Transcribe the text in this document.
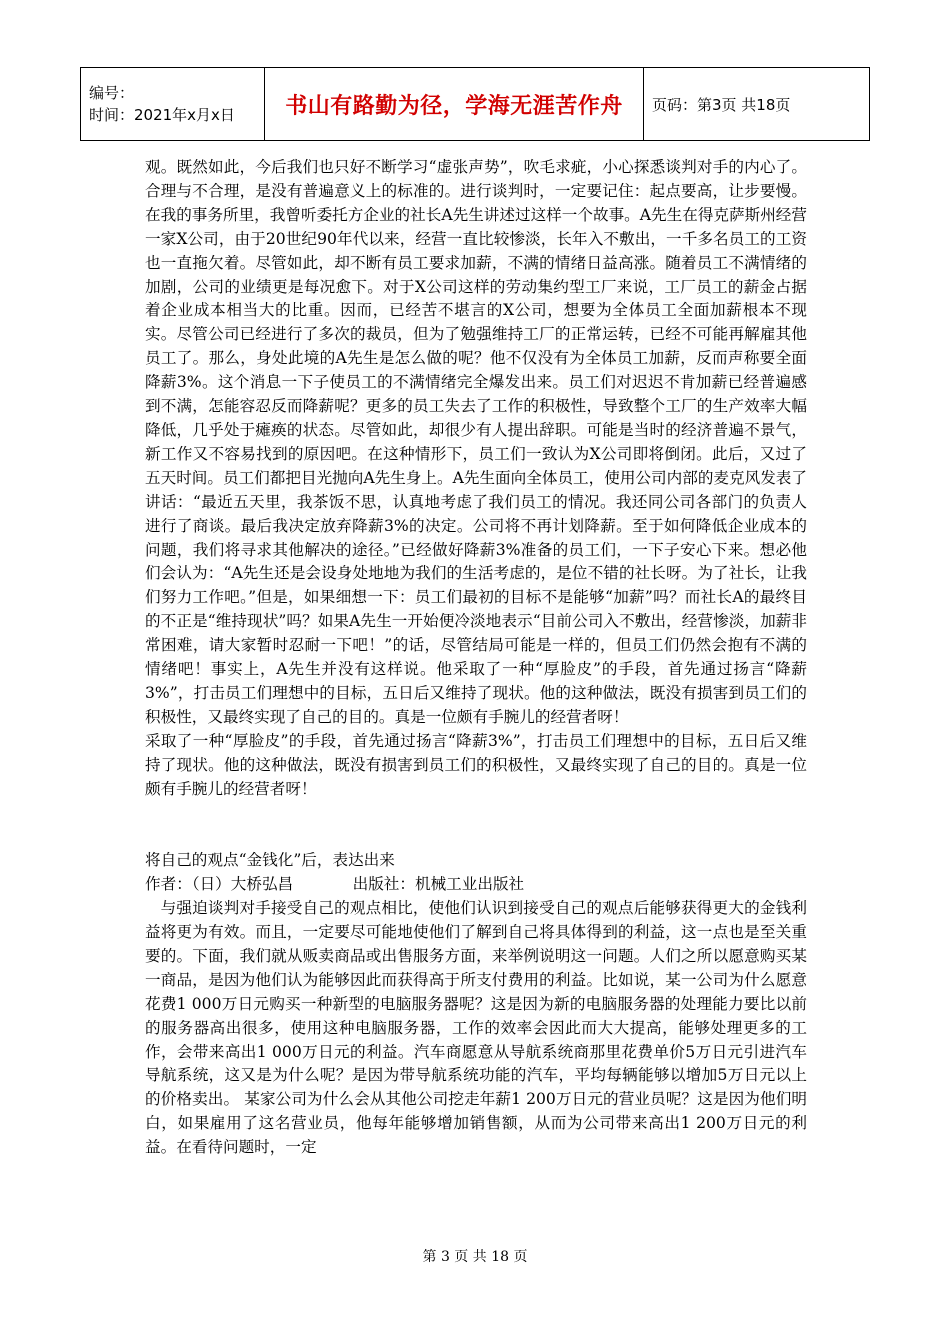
编号：
时间：2021年x月x日	书山有路勤为径，学海无涯苦作舟	页码：第3页 共18页

观。既然如此，今后我们也只好不断学习“虚张声势”，吹毛求疵，小心探悉谈判对手的内心了。合理与不合理，是没有普遍意义上的标准的。进行谈判时，一定要记住：起点要高，让步要慢。在我的事务所里，我曾听委托方企业的社长A先生讲述过这样一个故事。A先生在得克萨斯州经营一家X公司，由于20世纪90年代以来，经营一直比较惨淡，长年入不敷出，一千多名员工的工资也一直拖欠着。尽管如此，却不断有员工要求加薪，不满的情绪日益高涨。随着员工不满情绪的加剧，公司的业绩更是每况愈下。对于X公司这样的劳动集约型工厂来说，工厂员工的薪金占据着企业成本相当大的比重。因而，已经苦不堪言的X公司，想要为全体员工全面加薪根本不现实。尽管公司已经进行了多次的裁员，但为了勉强维持工厂的正常运转，已经不可能再解雇其他员工了。那么，身处此境的A先生是怎么做的呢？他不仅没有为全体员工加薪，反而声称要全面降薪3%。这个消息一下子使员工的不满情绪完全爆发出来。员工们对迟迟不肯加薪已经普遍感到不满，怎能容忍反而降薪呢？更多的员工失去了工作的积极性，导致整个工厂的生产效率大幅降低，几乎处于瘫痪的状态。尽管如此，却很少有人提出辞职。可能是当时的经济普遍不景气，新工作又不容易找到的原因吧。在这种情形下，员工们一致认为X公司即将倒闭。此后，又过了五天时间。员工们都把目光抛向A先生身上。A先生面向全体员工，使用公司内部的麦克风发表了讲话：“最近五天里，我茶饭不思，认真地考虑了我们员工的情况。我还同公司各部门的负责人进行了商谈。最后我决定放弃降薪3%的决定。公司将不再计划降薪。至于如何降低企业成本的问题，我们将寻求其他解决的途径。”已经做好降薪3%准备的员工们，一下子安心下来。想必他们会认为：“A先生还是会设身处地地为我们的生活考虑的，是位不错的社长呀。为了社长，让我们努力工作吧。”但是，如果细想一下：员工们最初的目标不是能够“加薪”吗？而社长A的最终目的不正是“维持现状”吗？如果A先生一开始便冷淡地表示“目前公司入不敷出，经营惨淡，加薪非常困难，请大家暂时忍耐一下吧！”的话，尽管结局可能是一样的，但员工们仍然会抱有不满的情绪吧！事实上，A先生并没有这样说。他采取了一种“厚脸皮”的手段，首先通过扬言“降薪3%”，打击员工们理想中的目标，五日后又维持了现状。他的这种做法，既没有损害到员工们的积极性，又最终实现了自己的目的。真是一位颇有手腕儿的经营者呀！

采取了一种“厚脸皮”的手段，首先通过扬言“降薪3%”，打击员工们理想中的目标，五日后又维持了现状。他的这种做法，既没有损害到员工们的积极性，又最终实现了自己的目的。真是一位颇有手腕儿的经营者呀！

将自己的观点“金钱化”后，表达出来

作者：（日）大桥弘昌            出版社：机械工业出版社

与强迫谈判对手接受自己的观点相比，使他们认识到接受自己的观点后能够获得更大的金钱利益将更为有效。而且，一定要尽可能地使他们了解到自己将具体得到的利益，这一点也是至关重要的。下面，我们就从贩卖商品或出售服务方面，来举例说明这一问题。人们之所以愿意购买某一商品，是因为他们认为能够因此而获得高于所支付费用的利益。比如说，某一公司为什么愿意花费1 000万日元购买一种新型的电脑服务器呢？这是因为新的电脑服务器的处理能力要比以前的服务器高出很多，使用这种电脑服务器，工作的效率会因此而大大提高，能够处理更多的工作，会带来高出1 000万日元的利益。汽车商愿意从导航系统商那里花费单价5万日元引进汽车导航系统，这又是为什么呢？是因为带导航系统功能的汽车，平均每辆能够以增加5万日元以上的价格卖出。 某家公司为什么会从其他公司挖走年薪1 200万日元的营业员呢？这是因为他们明白，如果雇用了这名营业员，他每年能够增加销售额，从而为公司带来高出1 200万日元的利益。在看待问题时，一定

第 3 页 共 18 页
